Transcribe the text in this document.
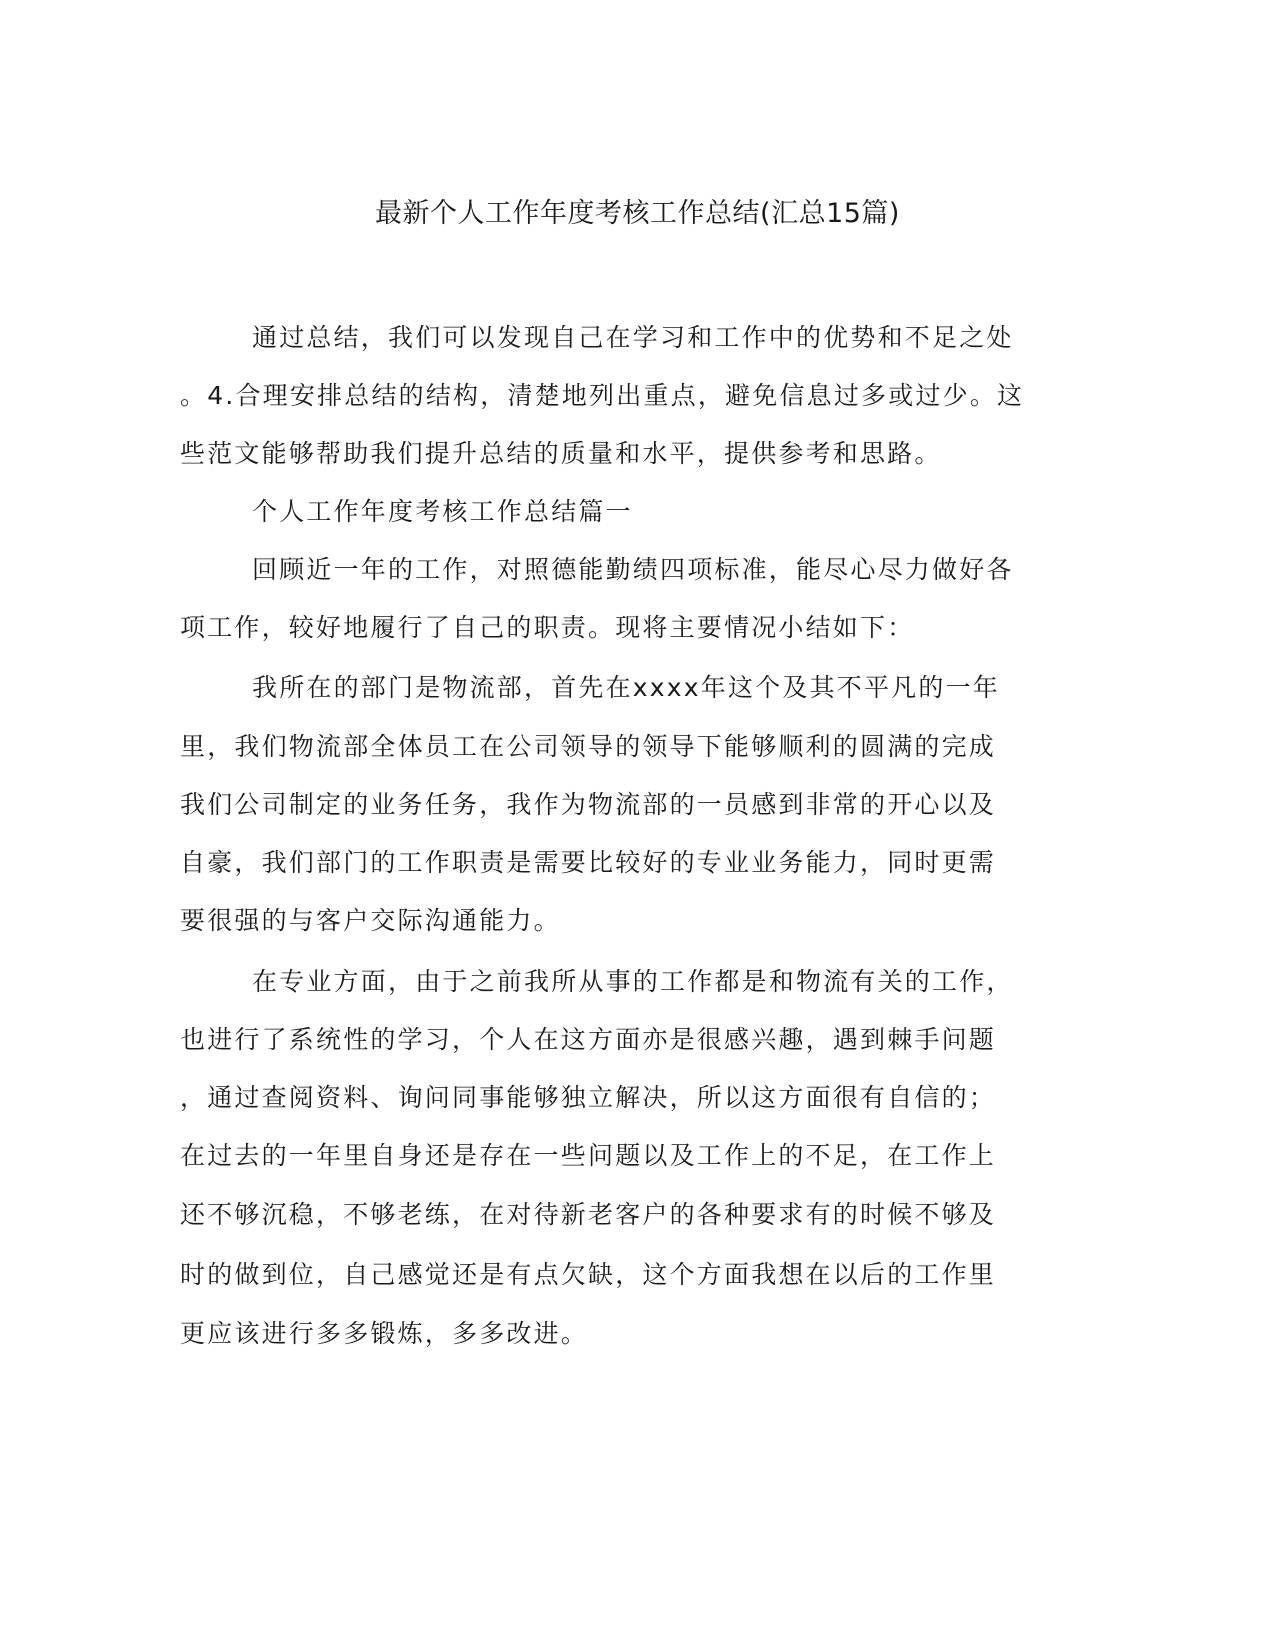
最新个人工作年度考核工作总结(汇总15篇)

通过总结，我们可以发现自己在学习和工作中的优势和不足之处

。4.合理安排总结的结构，清楚地列出重点，避免信息过多或过少。这

些范文能够帮助我们提升总结的质量和水平，提供参考和思路。

个人工作年度考核工作总结篇一

回顾近一年的工作，对照德能勤绩四项标准，能尽心尽力做好各

项工作，较好地履行了自己的职责。现将主要情况小结如下：

我所在的部门是物流部，首先在xxxx年这个及其不平凡的一年

里，我们物流部全体员工在公司领导的领导下能够顺利的圆满的完成

我们公司制定的业务任务，我作为物流部的一员感到非常的开心以及

自豪，我们部门的工作职责是需要比较好的专业业务能力，同时更需

要很强的与客户交际沟通能力。

在专业方面，由于之前我所从事的工作都是和物流有关的工作，

也进行了系统性的学习，个人在这方面亦是很感兴趣，遇到棘手问题

，通过查阅资料、询问同事能够独立解决，所以这方面很有自信的；

在过去的一年里自身还是存在一些问题以及工作上的不足，在工作上

还不够沉稳，不够老练，在对待新老客户的各种要求有的时候不够及

时的做到位，自己感觉还是有点欠缺，这个方面我想在以后的工作里

更应该进行多多锻炼，多多改进。
